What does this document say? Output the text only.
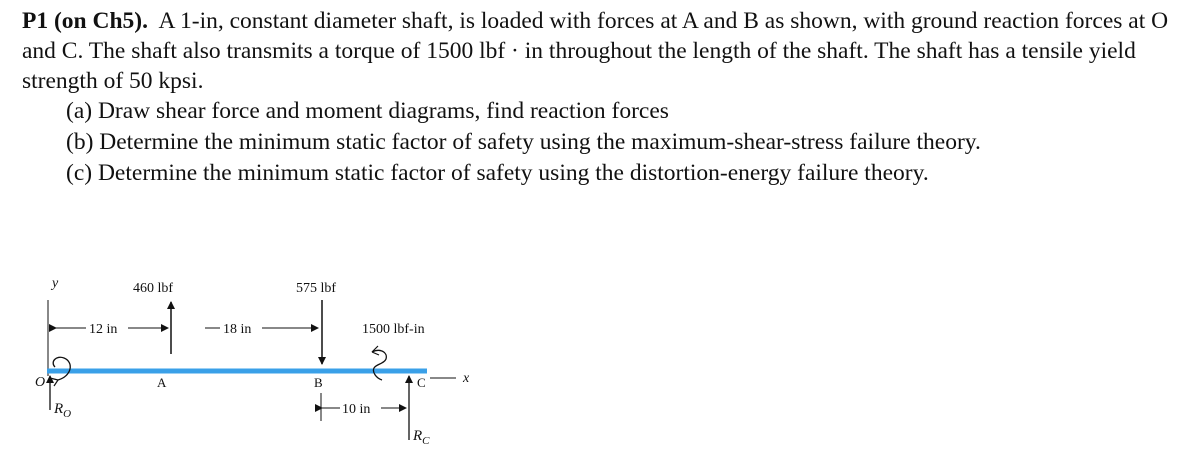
P1 (on Ch5). A 1-in, constant diameter shaft, is loaded with forces at A and B as shown, with ground reaction forces at O and C. The shaft also transmits a torque of 1500 lbf · in throughout the length of the shaft. The shaft has a tensile yield strength of 50 kpsi.

(a) Draw shear force and moment diagrams, find reaction forces
(b) Determine the minimum static factor of safety using the maximum-shear-stress failure theory.
(c) Determine the minimum static factor of safety using the distortion-energy failure theory.
y
x
O
$R_O$
12 in
460 lbf
A
18 in
575 lbf
B
1500 lbf-in
C
$R_C$
10 in
